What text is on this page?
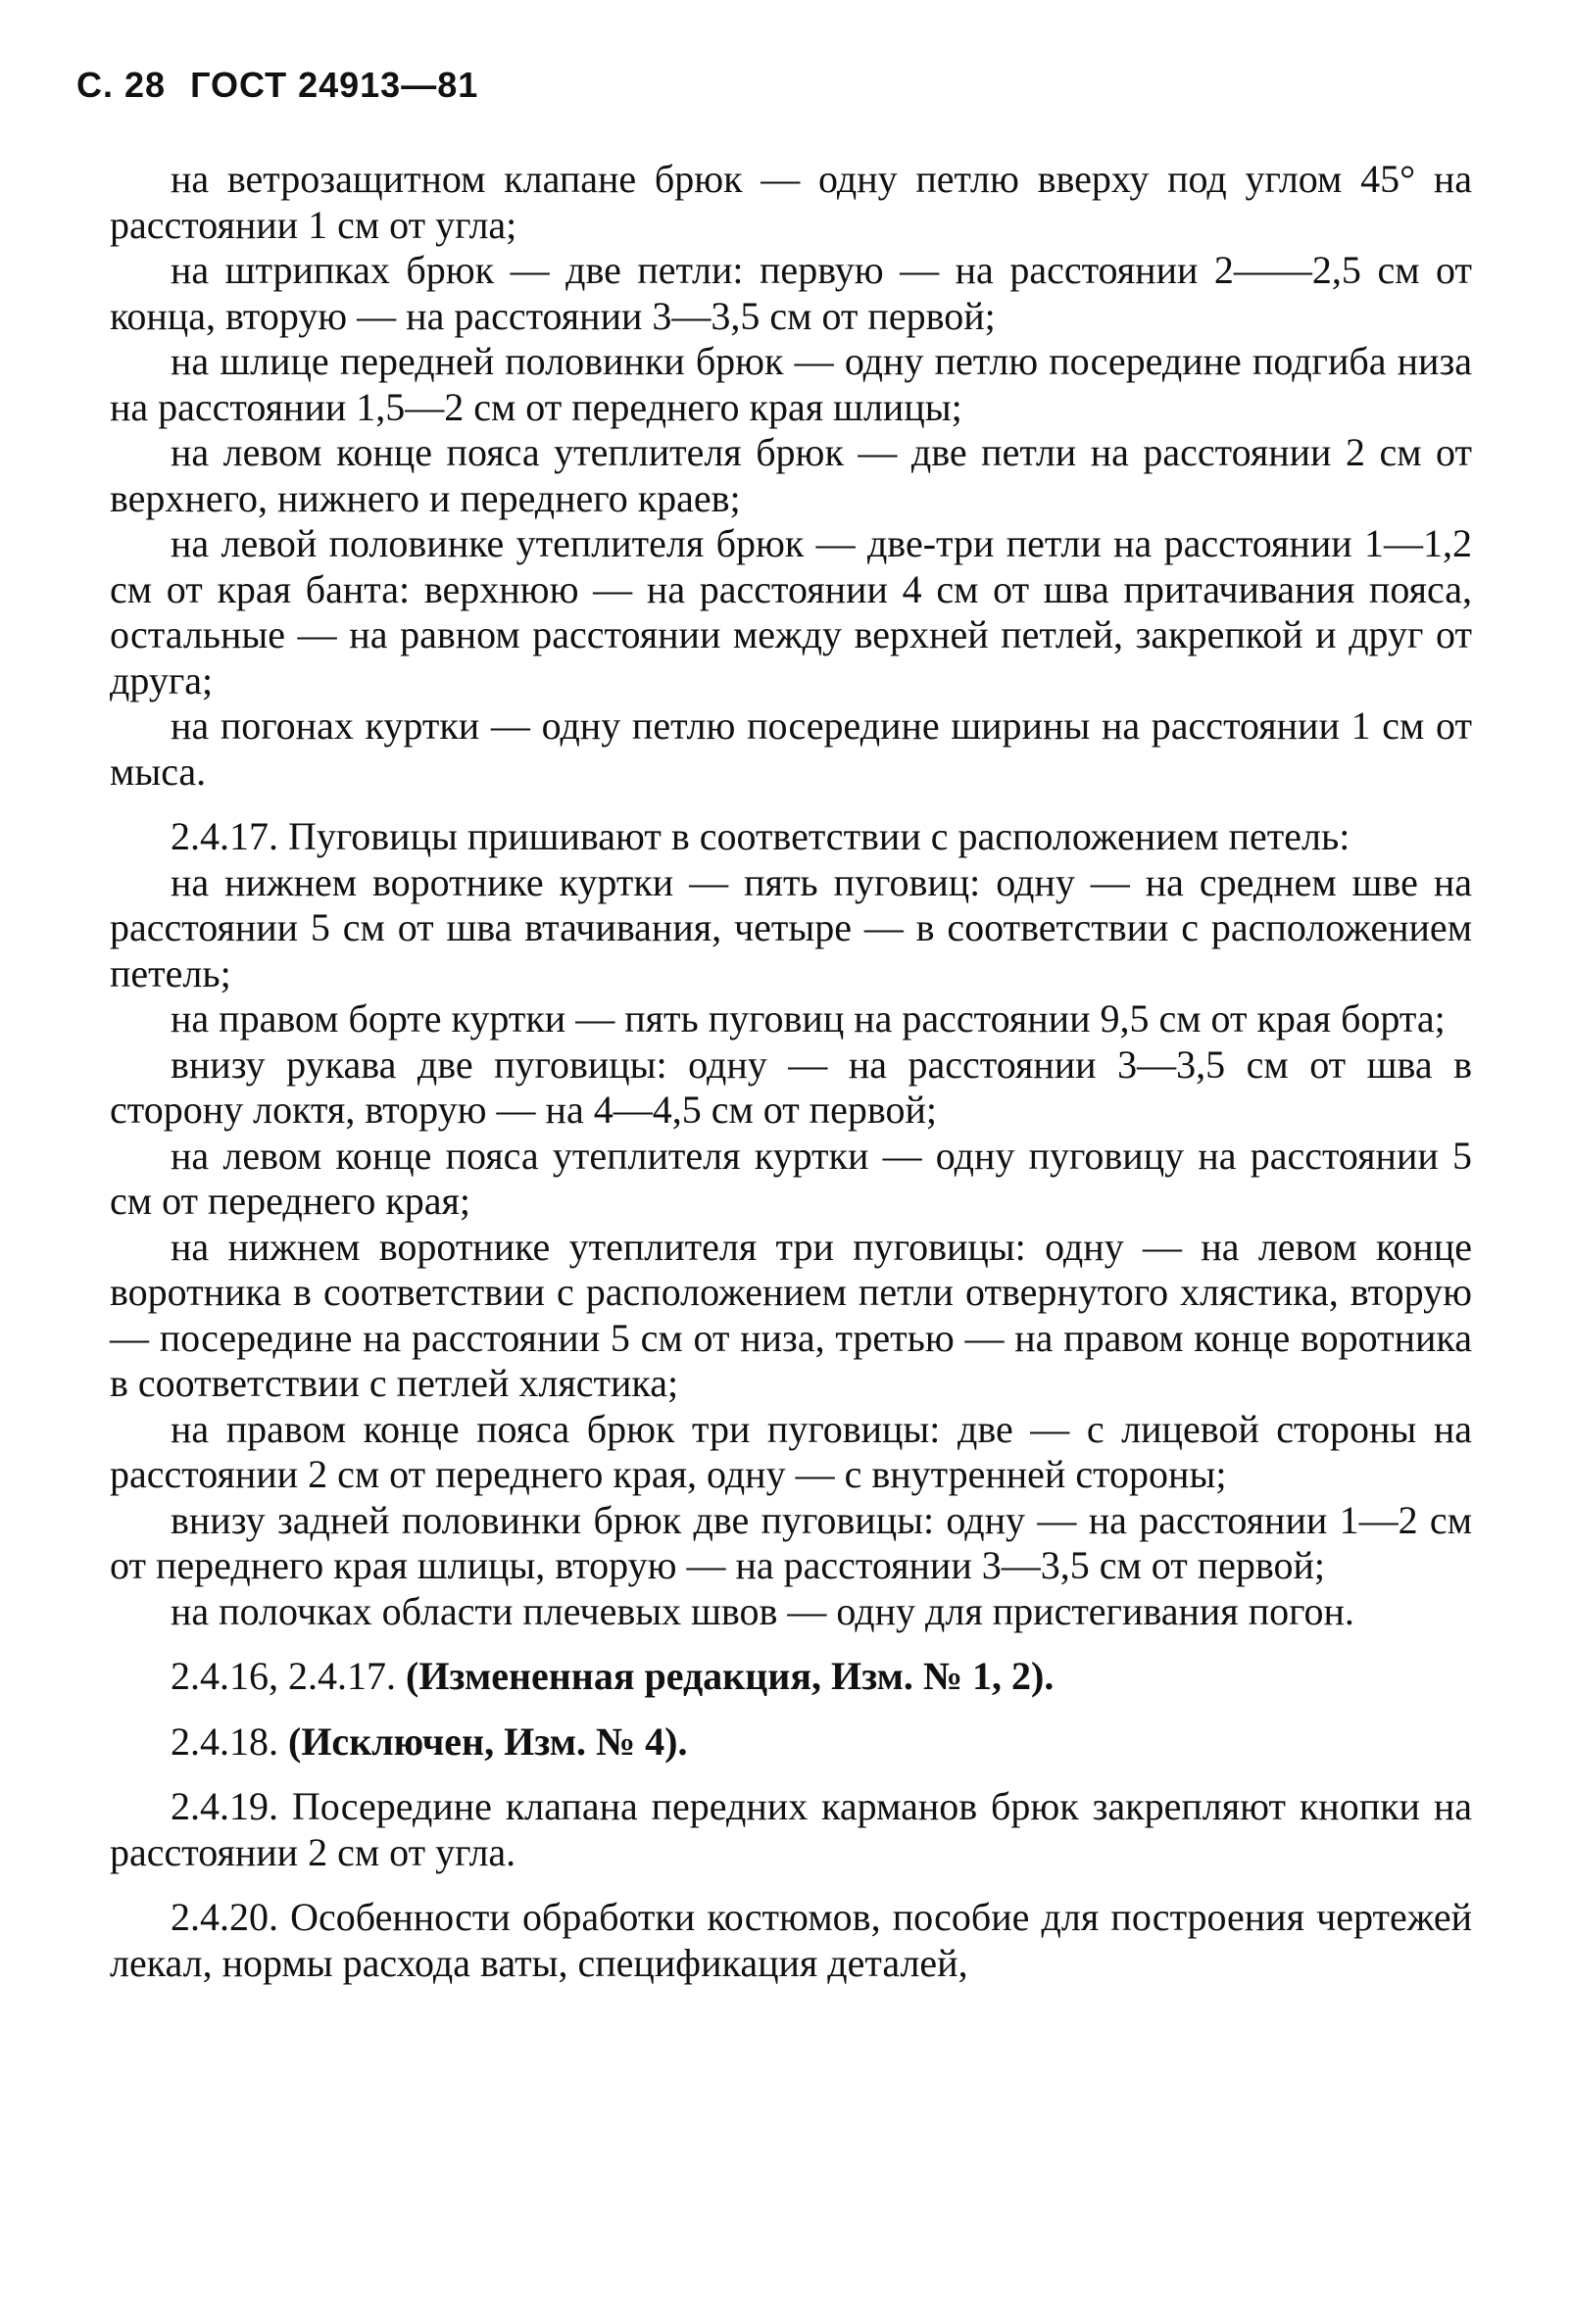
С. 28 ГОСТ 24913—81

на ветрозащитном клапане брюк — одну петлю вверху под углом 45° на расстоянии 1 см от угла;

на штрипках брюк — две петли: первую — на расстоянии 2——2,5 см от конца, вторую — на расстоянии 3—3,5 см от первой;

на шлице передней половинки брюк — одну петлю посередине подгиба низа на расстоянии 1,5—2 см от переднего края шлицы;

на левом конце пояса утеплителя брюк — две петли на расстоянии 2 см от верхнего, нижнего и переднего краев;

на левой половинке утеплителя брюк — две-три петли на расстоянии 1—1,2 см от края банта: верхнюю — на расстоянии 4 см от шва притачивания пояса, остальные — на равном расстоянии между верхней петлей, закрепкой и друг от друга;

на погонах куртки — одну петлю посередине ширины на расстоянии 1 см от мыса.

2.4.17. Пуговицы пришивают в соответствии с расположением петель:

на нижнем воротнике куртки — пять пуговиц: одну — на среднем шве на расстоянии 5 см от шва втачивания, четыре — в соответствии с расположением петель;

на правом борте куртки — пять пуговиц на расстоянии 9,5 см от края борта;

внизу рукава две пуговицы: одну — на расстоянии 3—3,5 см от шва в сторону локтя, вторую — на 4—4,5 см от первой;

на левом конце пояса утеплителя куртки — одну пуговицу на расстоянии 5 см от переднего края;

на нижнем воротнике утеплителя три пуговицы: одну — на левом конце воротника в соответствии с расположением петли отвернутого хлястика, вторую — посередине на расстоянии 5 см от низа, третью — на правом конце воротника в соответствии с петлей хлястика;

на правом конце пояса брюк три пуговицы: две — с лицевой стороны на расстоянии 2 см от переднего края, одну — с внутренней стороны;

внизу задней половинки брюк две пуговицы: одну — на расстоянии 1—2 см от переднего края шлицы, вторую — на расстоянии 3—3,5 см от первой;

на полочках области плечевых швов — одну для пристегивания погон.

2.4.16, 2.4.17. (Измененная редакция, Изм. № 1, 2).

2.4.18. (Исключен, Изм. № 4).

2.4.19. Посередине клапана передних карманов брюк закрепляют кнопки на расстоянии 2 см от угла.

2.4.20. Особенности обработки костюмов, пособие для построения чертежей лекал, нормы расхода ваты, спецификация деталей,
